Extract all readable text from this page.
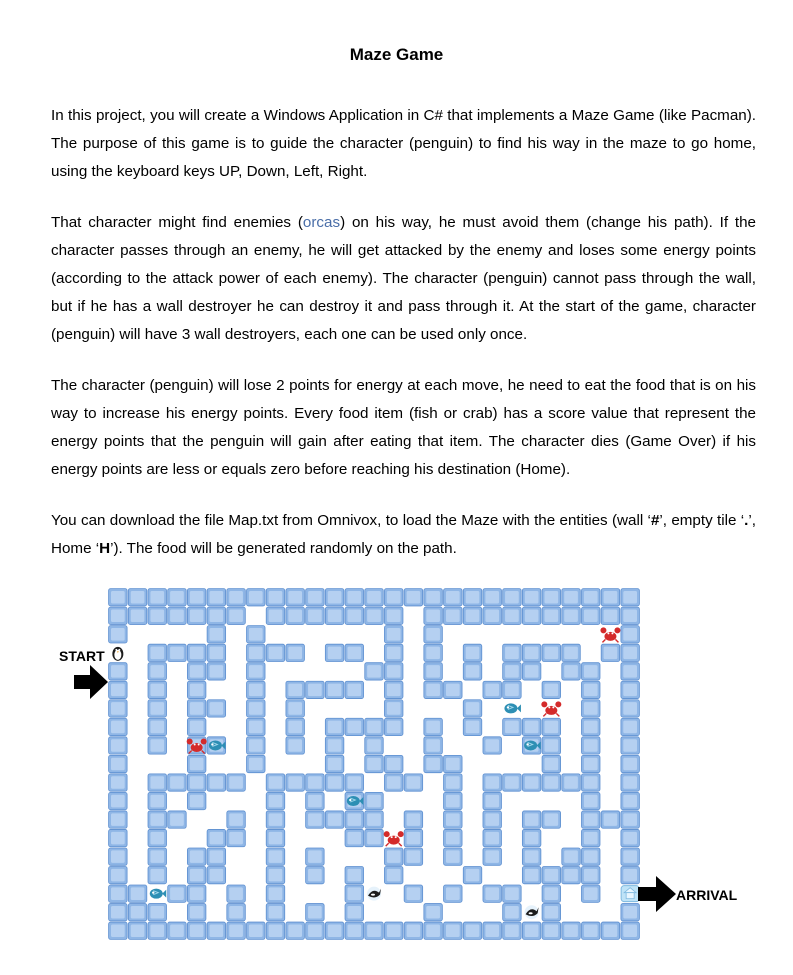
Maze Game

In this project, you will create a Windows Application in C# that implements a Maze Game (like Pacman). The purpose of this game is to guide the character (penguin) to find his way in the maze to go home, using the keyboard keys UP, Down, Left, Right.

That character might find enemies (orcas) on his way, he must avoid them (change his path). If the character passes through an enemy, he will get attacked by the enemy and loses some energy points (according to the attack power of each enemy). The character (penguin) cannot pass through the wall, but if he has a wall destroyer he can destroy it and pass through it. At the start of the game, character (penguin) will have 3 wall destroyers, each one can be used only once.

The character (penguin) will lose 2 points for energy at each move, he need to eat the food that is on his way to increase his energy points. Every food item (fish or crab) has a score value that represent the energy points that the penguin will gain after eating that item. The character dies (Game Over) if his energy points are less or equals zero before reaching his destination (Home).

You can download the file Map.txt from Omnivox, to load the Maze with the entities (wall ‘#’, empty tile ‘.’, Home ‘H’). The food will be generated randomly on the path.

START
ARRIVAL
